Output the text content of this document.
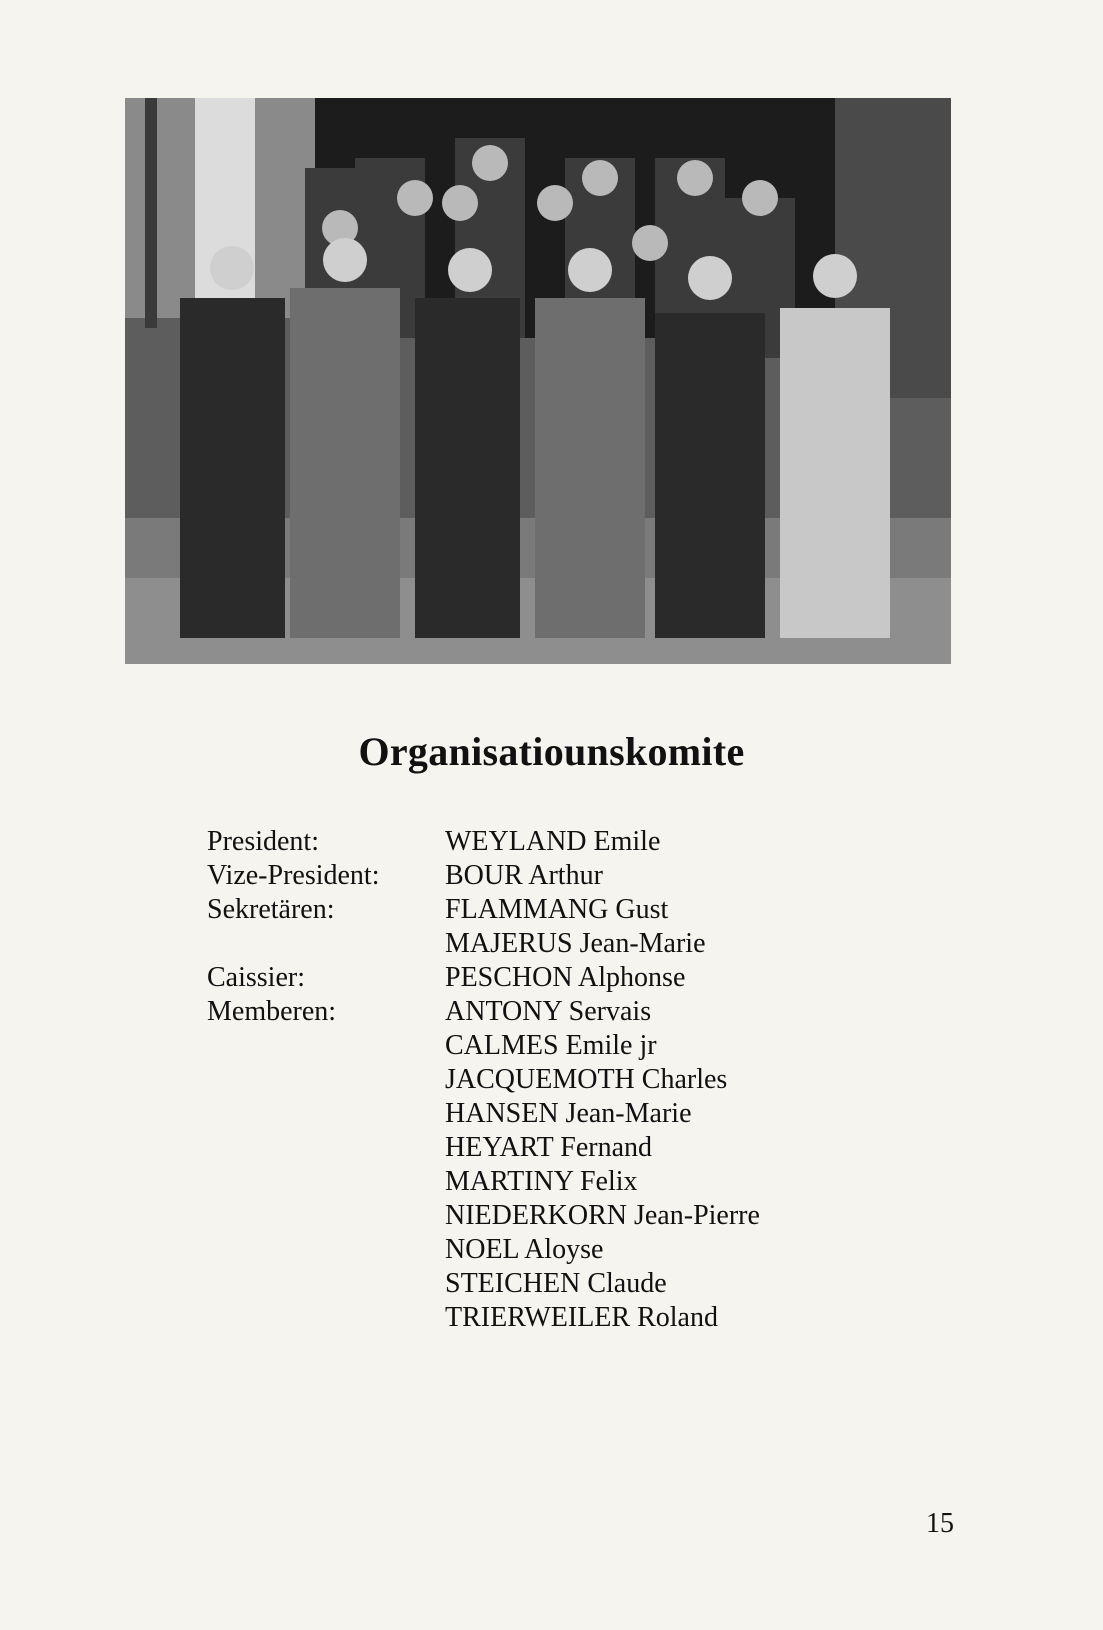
Organisatiounskomite
President:	WEYLAND Emile
Vize-President:	BOUR Arthur
Sekretären:	FLAMMANG Gust
MAJERUS Jean-Marie
Caissier:	PESCHON Alphonse
Memberen:	ANTONY Servais
CALMES Emile jr
JACQUEMOTH Charles
HANSEN Jean-Marie
HEYART Fernand
MARTINY Felix
NIEDERKORN Jean-Pierre
NOEL Aloyse
STEICHEN Claude
TRIERWEILER Roland
15
